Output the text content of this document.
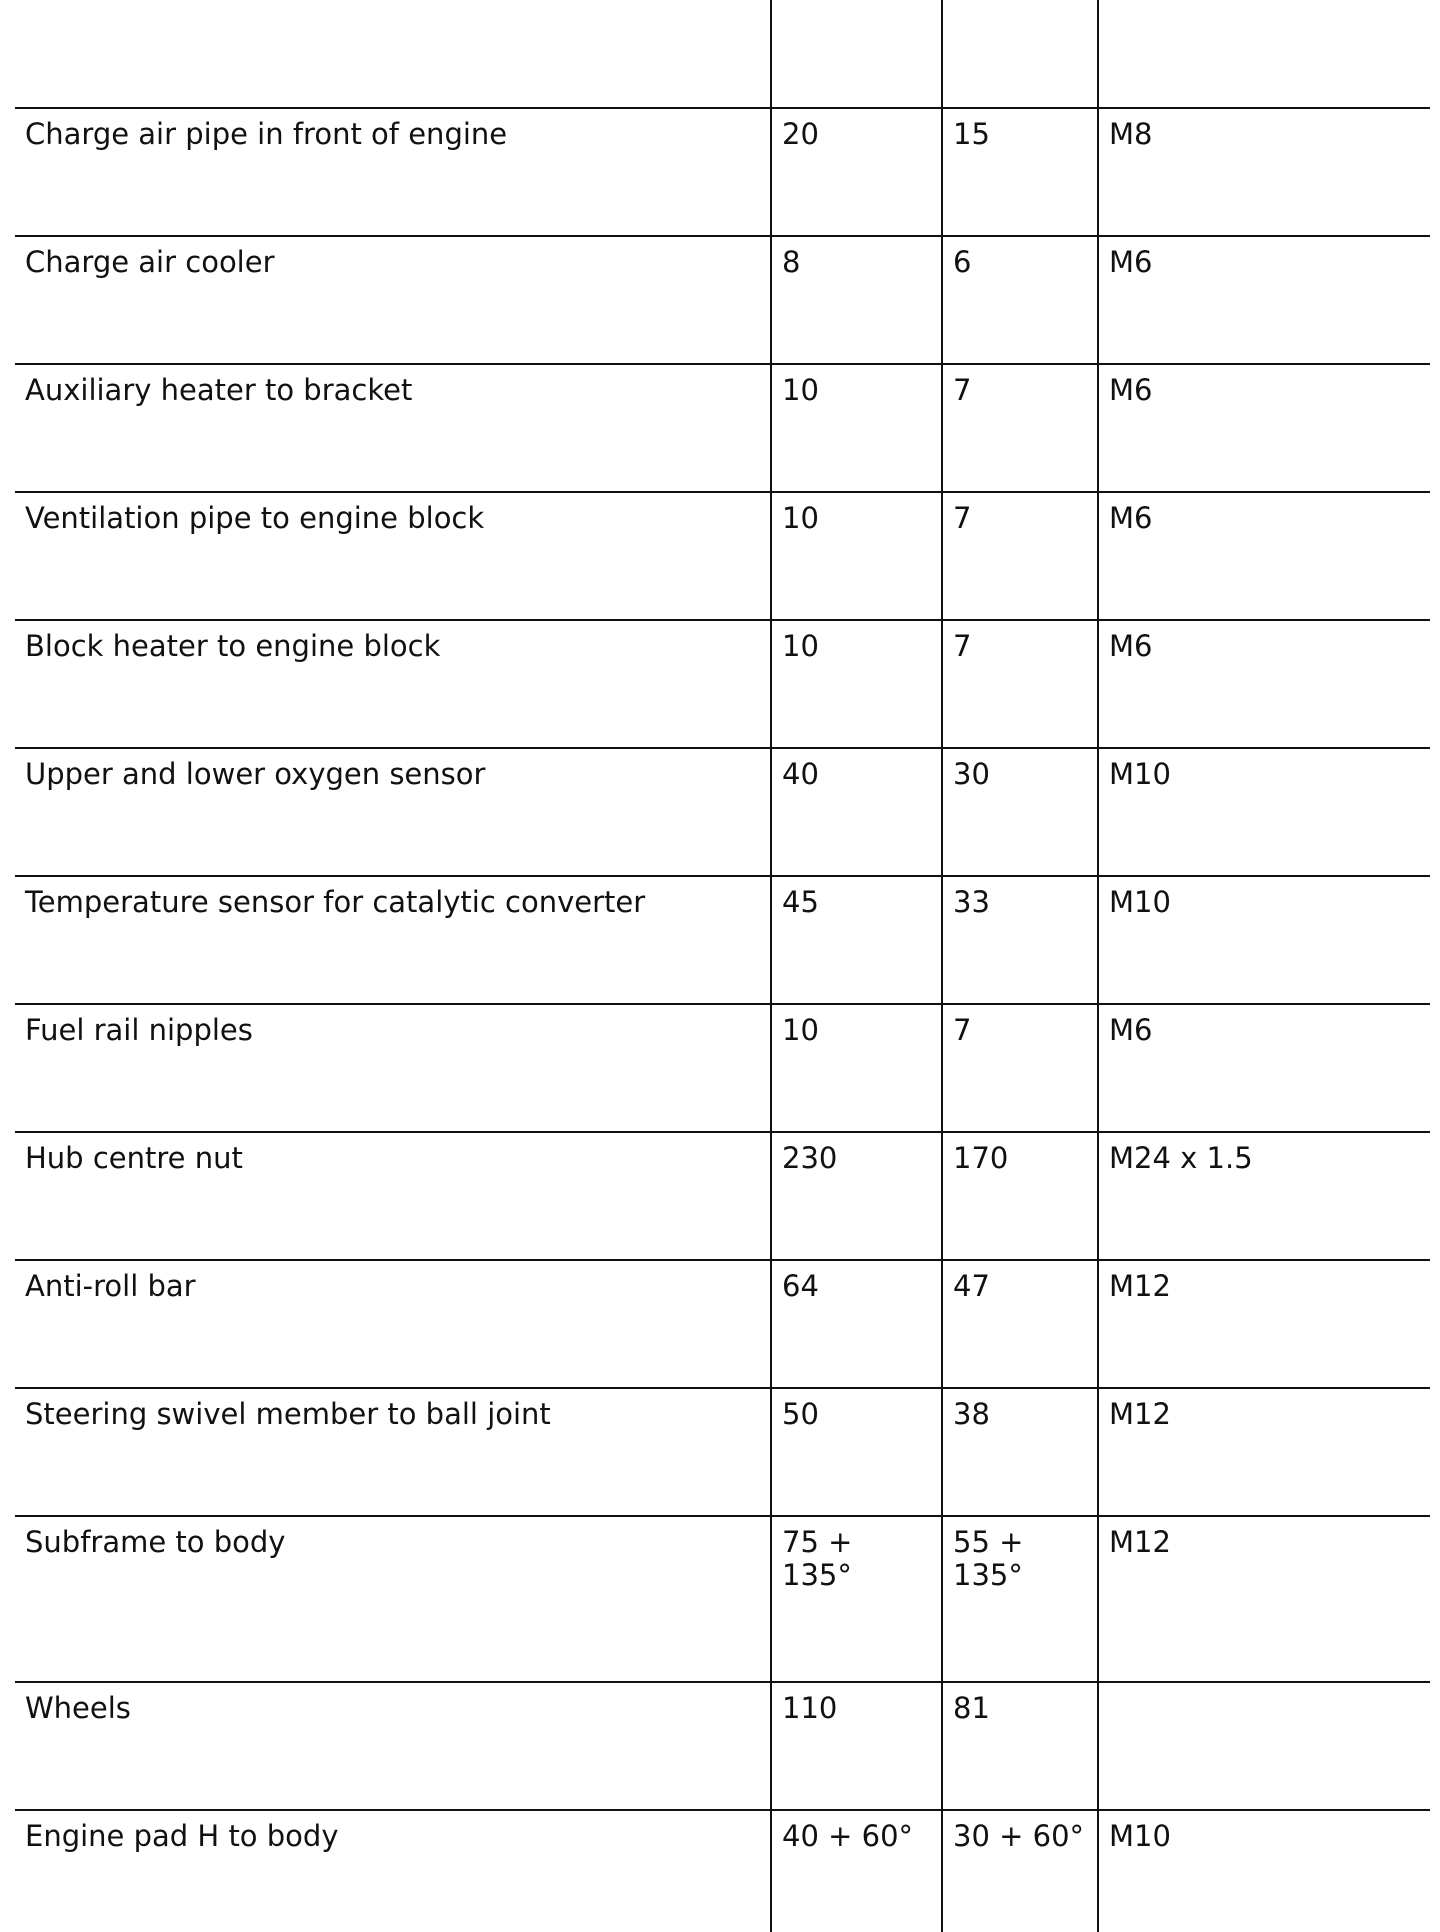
Charge air pipe in front of engine	20	15	M8
Charge air cooler	8	6	M6
Auxiliary heater to bracket	10	7	M6
Ventilation pipe to engine block	10	7	M6
Block heater to engine block	10	7	M6
Upper and lower oxygen sensor	40	30	M10
Temperature sensor for catalytic converter	45	33	M10
Fuel rail nipples	10	7	M6
Hub centre nut	230	170	M24 x 1.5
Anti-roll bar	64	47	M12
Steering swivel member to ball joint	50	38	M12
Subframe to body	75 + 135°	55 + 135°	M12
Wheels	110	81	
Engine pad H to body	40 + 60°	30 + 60°	M10
